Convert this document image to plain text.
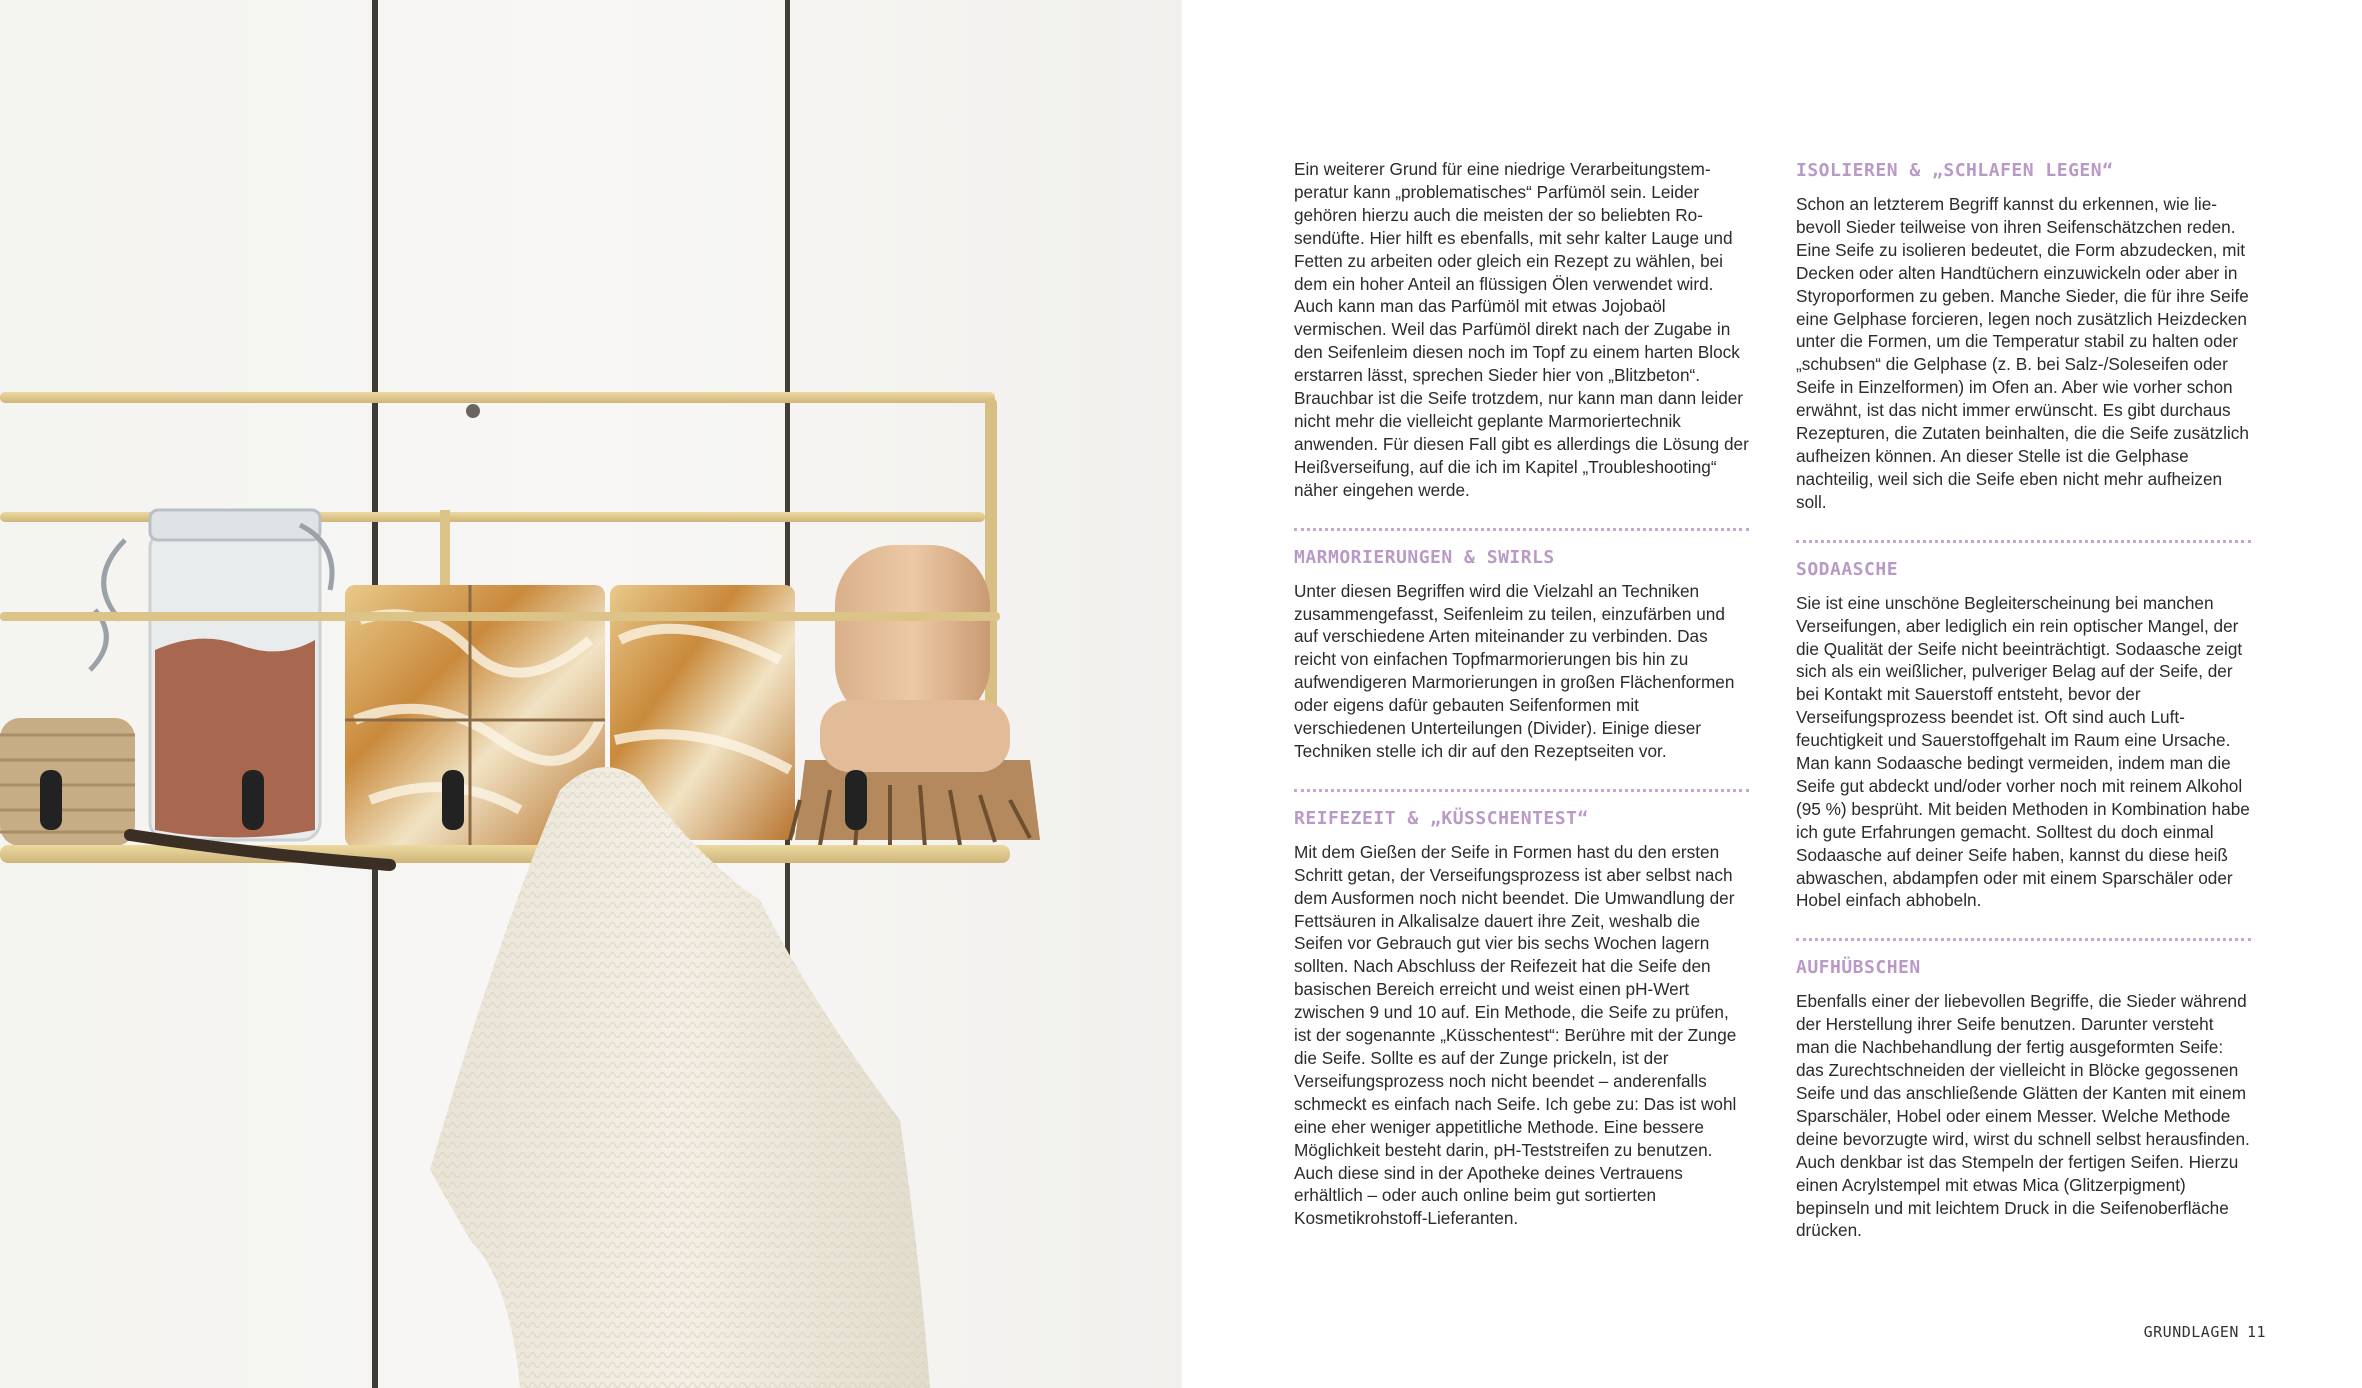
Ein weiterer Grund für eine niedrige Verarbeitungstemperatur kann „problematisches“ Parfümöl sein. Leider gehören hierzu auch die meisten der so beliebten Rosendüfte. Hier hilft es ebenfalls, mit sehr kalter Lauge und Fetten zu arbeiten oder gleich ein Rezept zu wählen, bei dem ein hoher Anteil an flüssigen Ölen verwendet wird. Auch kann man das Parfümöl mit etwas Jojobaöl vermischen. Weil das Parfümöl direkt nach der Zugabe in den Seifenleim diesen noch im Topf zu einem harten Block erstarren lässt, sprechen Sieder hier von „Blitzbeton“. Brauchbar ist die Seife trotzdem, nur kann man dann leider nicht mehr die vielleicht geplante Marmoriertechnik anwenden. Für diesen Fall gibt es allerdings die Lösung der Heißverseifung, auf die ich im Kapitel „Troubleshooting“ näher eingehen werde.

MARMORIERUNGEN & SWIRLS

Unter diesen Begriffen wird die Vielzahl an Techniken zusammengefasst, Seifenleim zu teilen, einzufärben und auf verschiedene Arten miteinander zu verbinden. Das reicht von einfachen Topfmarmorierungen bis hin zu aufwendigeren Marmorierungen in großen Flächenformen oder eigens dafür gebauten Seifenformen mit verschiedenen Unterteilungen (Divider). Einige dieser Techniken stelle ich dir auf den Rezeptseiten vor.

REIFEZEIT & „KÜSSCHENTEST“

Mit dem Gießen der Seife in Formen hast du den ersten Schritt getan, der Verseifungsprozess ist aber selbst nach dem Ausformen noch nicht beendet. Die Umwandlung der Fettsäuren in Alkalisalze dauert ihre Zeit, weshalb die Seifen vor Gebrauch gut vier bis sechs Wochen lagern sollten. Nach Abschluss der Reifezeit hat die Seife den basischen Bereich erreicht und weist einen pH-Wert zwischen 9 und 10 auf. Ein Methode, die Seife zu prüfen, ist der sogenannte „Küsschentest“: Berühre mit der Zunge die Seife. Sollte es auf der Zunge prickeln, ist der Verseifungsprozess noch nicht beendet – anderenfalls schmeckt es einfach nach Seife. Ich gebe zu: Das ist wohl eine eher weniger appetitliche Methode. Eine bessere Möglichkeit besteht darin, pH-Teststreifen zu benutzen. Auch diese sind in der Apotheke deines Vertrauens erhältlich – oder auch online beim gut sortierten Kosmetikrohstoff-Lieferanten.

ISOLIEREN & „SCHLAFEN LEGEN“

Schon an letzterem Begriff kannst du erkennen, wie liebevoll Sieder teilweise von ihren Seifenschätzchen reden. Eine Seife zu isolieren bedeutet, die Form abzudecken, mit Decken oder alten Handtüchern einzuwickeln oder aber in Styroporformen zu geben. Manche Sieder, die für ihre Seife eine Gelphase forcieren, legen noch zusätzlich Heizdecken unter die Formen, um die Temperatur stabil zu halten oder „schubsen“ die Gelphase (z. B. bei Salz-/Soleseifen oder Seife in Einzelformen) im Ofen an. Aber wie vorher schon erwähnt, ist das nicht immer erwünscht. Es gibt durchaus Rezepturen, die Zutaten beinhalten, die die Seife zusätzlich aufheizen können. An dieser Stelle ist die Gelphase nachteilig, weil sich die Seife eben nicht mehr aufheizen soll.

SODAASCHE

Sie ist eine unschöne Begleiterscheinung bei manchen Verseifungen, aber lediglich ein rein optischer Mangel, der die Qualität der Seife nicht beeinträchtigt. Sodaasche zeigt sich als ein weißlicher, pulveriger Belag auf der Seife, der bei Kontakt mit Sauerstoff entsteht, bevor der Verseifungsprozess beendet ist. Oft sind auch Luftfeuchtigkeit und Sauerstoffgehalt im Raum eine Ursache. Man kann Sodaasche bedingt vermeiden, indem man die Seife gut abdeckt und/oder vorher noch mit reinem Alkohol (95 %) besprüht. Mit beiden Methoden in Kombination habe ich gute Erfahrungen gemacht. Solltest du doch einmal Sodaasche auf deiner Seife haben, kannst du diese heiß abwaschen, abdampfen oder mit einem Sparschäler oder Hobel einfach abhobeln.

AUFHÜBSCHEN

Ebenfalls einer der liebevollen Begriffe, die Sieder während der Herstellung ihrer Seife benutzen. Darunter versteht man die Nachbehandlung der fertig ausgeformten Seife: das Zurechtschneiden der vielleicht in Blöcke gegossenen Seife und das anschließende Glätten der Kanten mit einem Sparschäler, Hobel oder einem Messer. Welche Methode deine bevorzugte wird, wirst du schnell selbst herausfinden. Auch denkbar ist das Stempeln der fertigen Seifen. Hierzu einen Acrylstempel mit etwas Mica (Glitzerpigment) bepinseln und mit leichtem Druck in die Seifenoberfläche drücken.

GRUNDLAGEN 11
